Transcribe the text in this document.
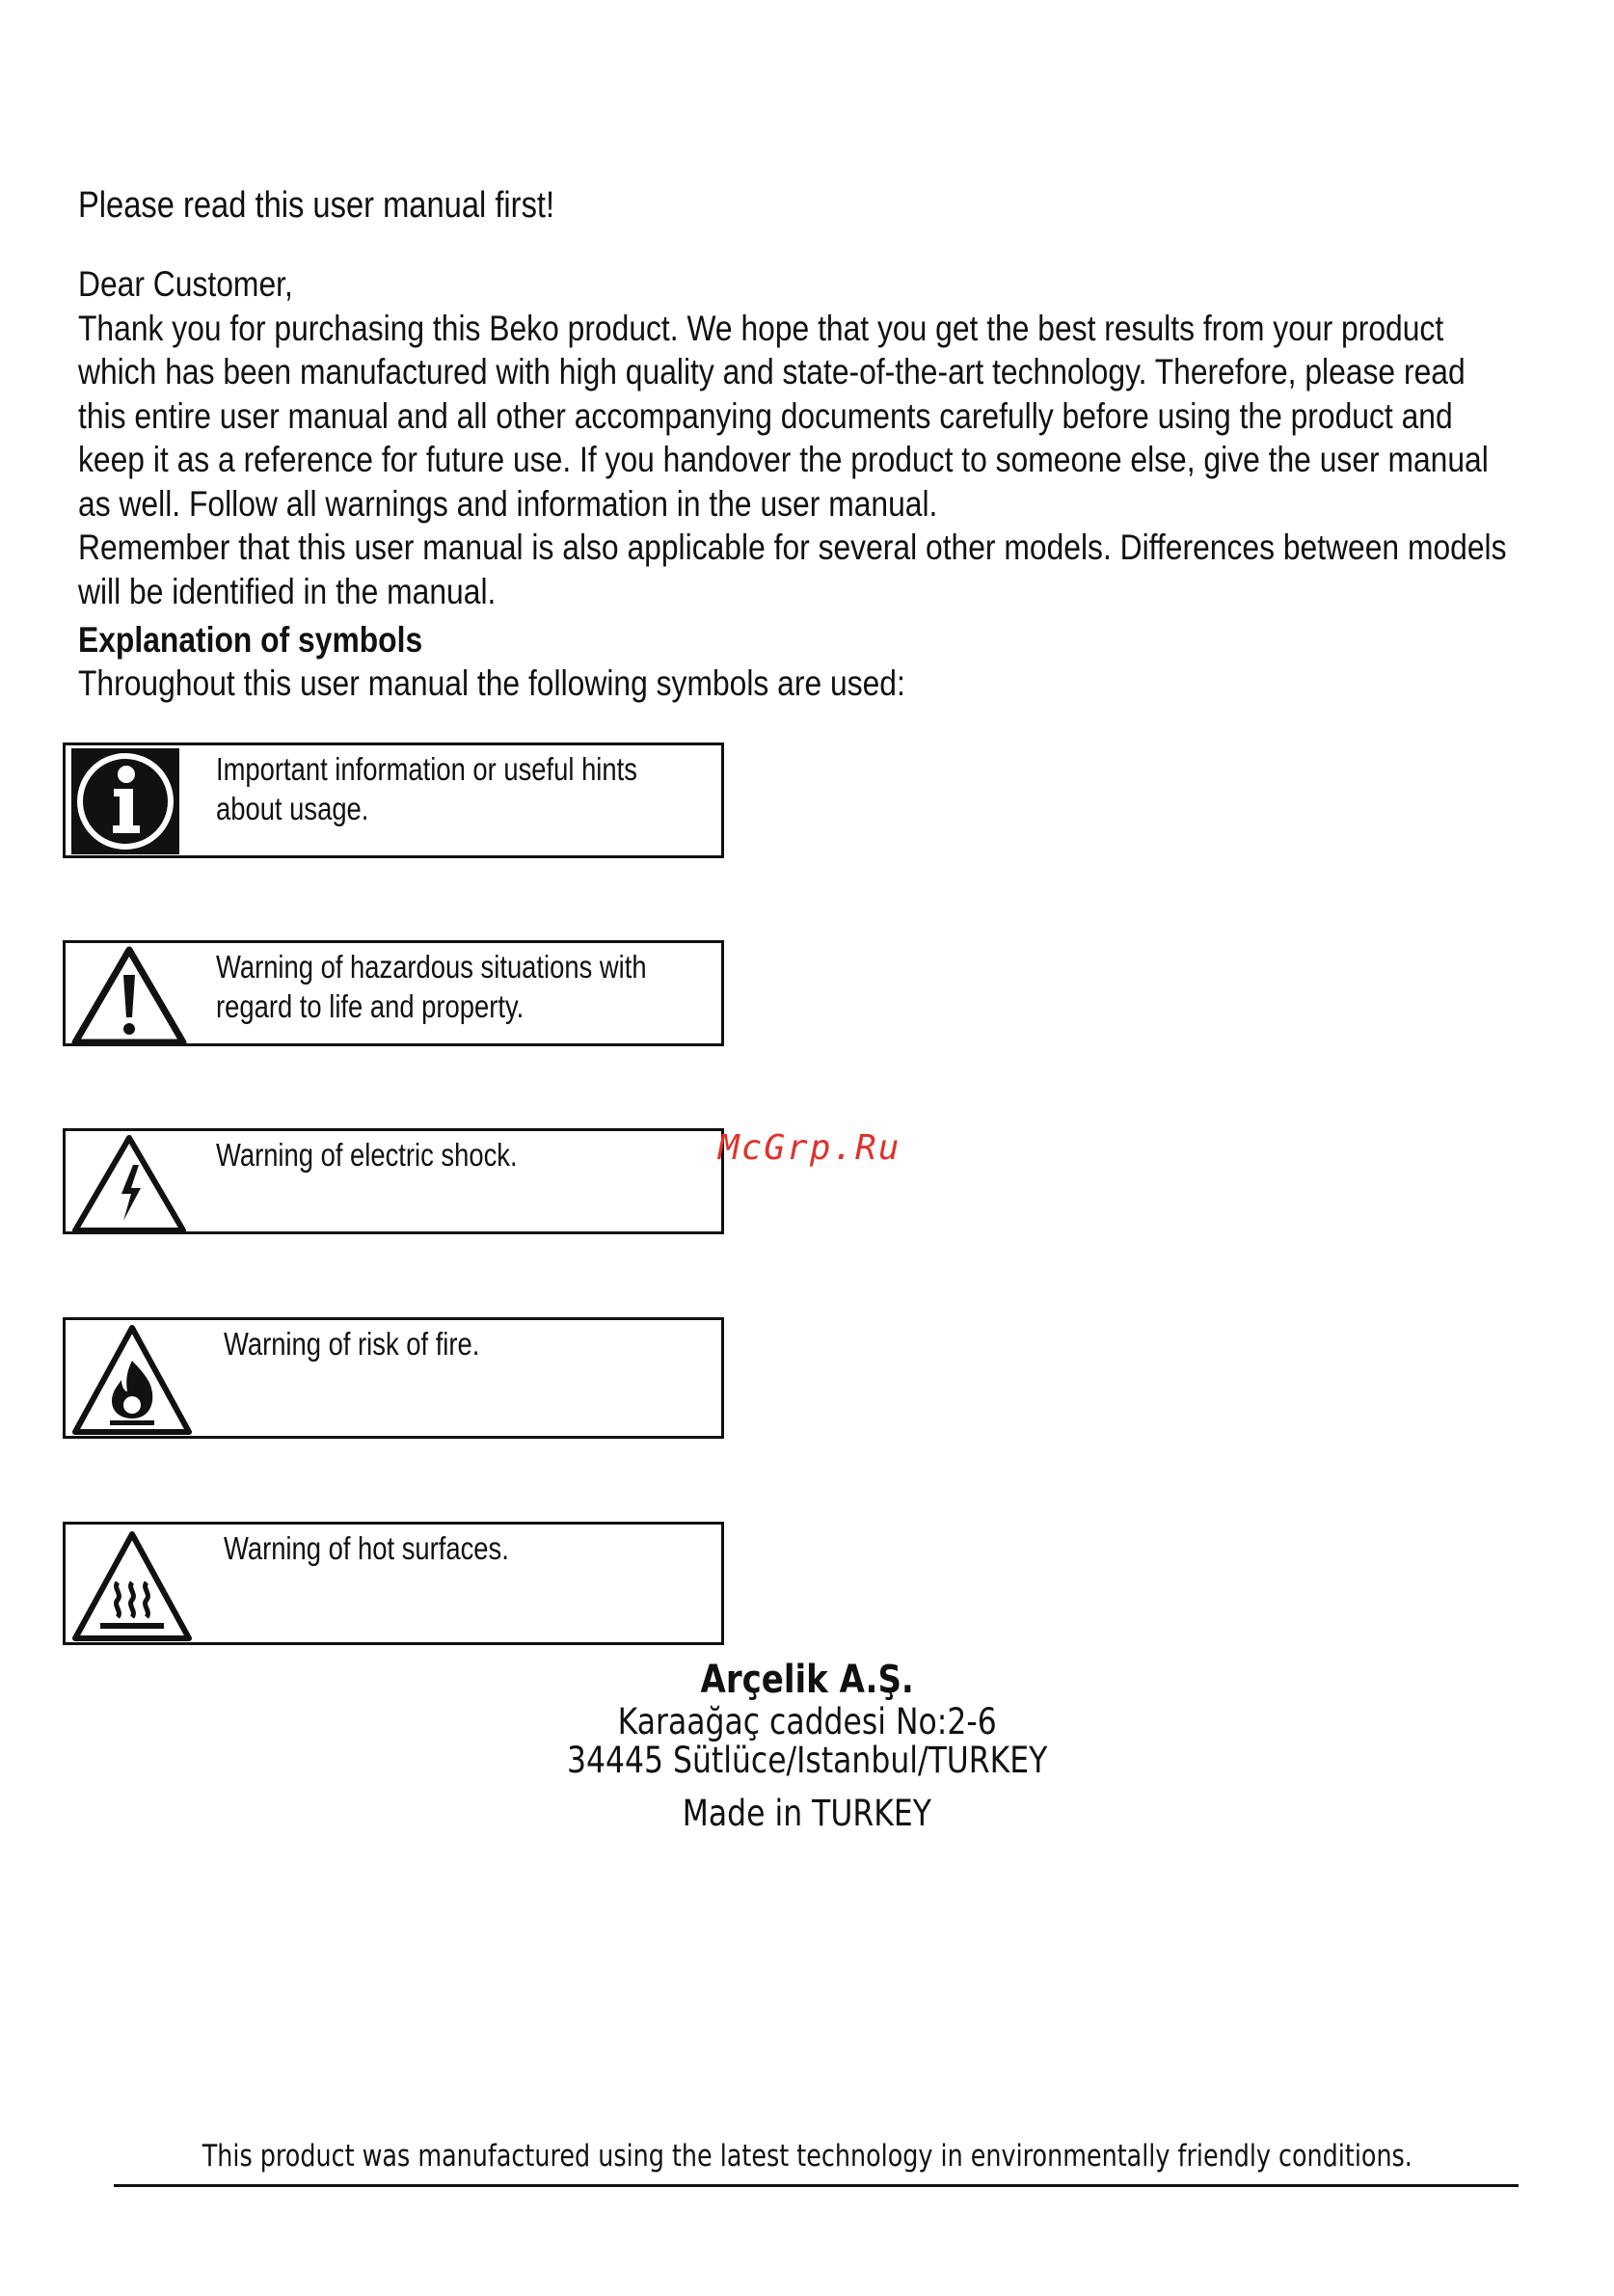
Please read this user manual first!

Dear Customer,

Thank you for purchasing this Beko product. We hope that you get the best results from your product

which has been manufactured with high quality and state-of-the-art technology. Therefore, please read

this entire user manual and all other accompanying documents carefully before using the product and

keep it as a reference for future use. If you handover the product to someone else, give the user manual

as well. Follow all warnings and information in the user manual.

Remember that this user manual is also applicable for several other models. Differences between models

will be identified in the manual.

Explanation of symbols
Throughout this user manual the following symbols are used:
Important information or useful hints
about usage.
Warning of hazardous situations with
regard to life and property.
Warning of electric shock.
Warning of risk of fire.
Warning of hot surfaces.
McGrp.Ru
Arçelik A.Ş.
Karaağaç caddesi No:2-6
34445 Sütlüce/Istanbul/TURKEY
Made in TURKEY
This product was manufactured using the latest technology in environmentally friendly conditions.
